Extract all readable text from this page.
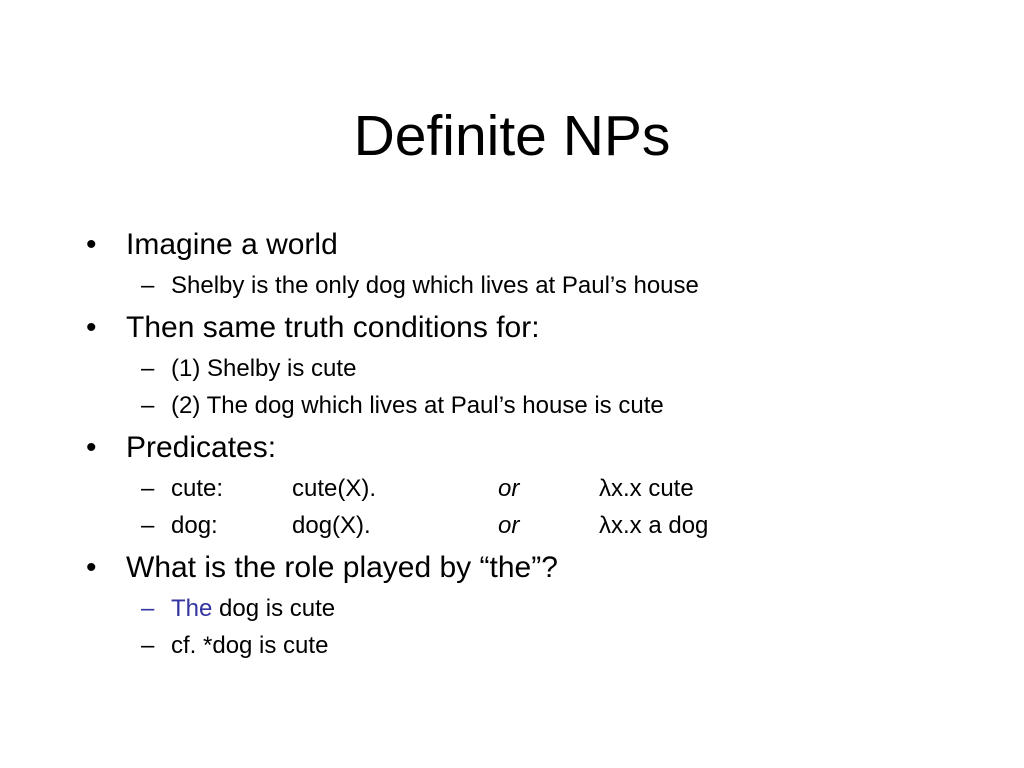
Definite NPs
• Imagine a world
– Shelby is the only dog which lives at Paul’s house
• Then same truth conditions for:
– (1) Shelby is cute
– (2) The dog which lives at Paul’s house is cute
• Predicates:
– cute:	cute(X).	or	λx.x cute
– dog:	dog(X).	or	λx.x a dog
• What is the role played by “the”?
– The dog is cute
– cf. *dog is cute
